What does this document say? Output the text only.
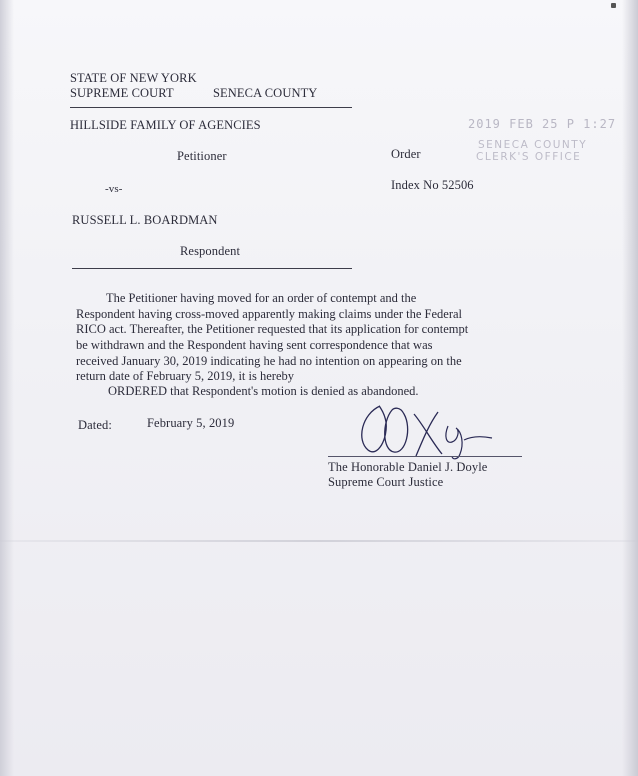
STATE OF NEW YORK
SUPREME COURT	SENECA COUNTY
HILLSIDE FAMILY OF AGENCIES
Petitioner
-vs-
RUSSELL L. BOARDMAN
Respondent
Order
Index No 52506
2019 FEB 25 P 1:27
SENECA COUNTY
CLERK'S OFFICE
The Petitioner having moved for an order of contempt and the
Respondent having cross-moved apparently making claims under the Federal
RICO act. Thereafter, the Petitioner requested that its application for contempt
be withdrawn and the Respondent having sent correspondence that was
received January 30, 2019 indicating he had no intention on appearing on the
return date of February 5, 2019, it is hereby
ORDERED that Respondent's motion is denied as abandoned.
Dated:	February 5, 2019
The Honorable Daniel J. Doyle
Supreme Court Justice
